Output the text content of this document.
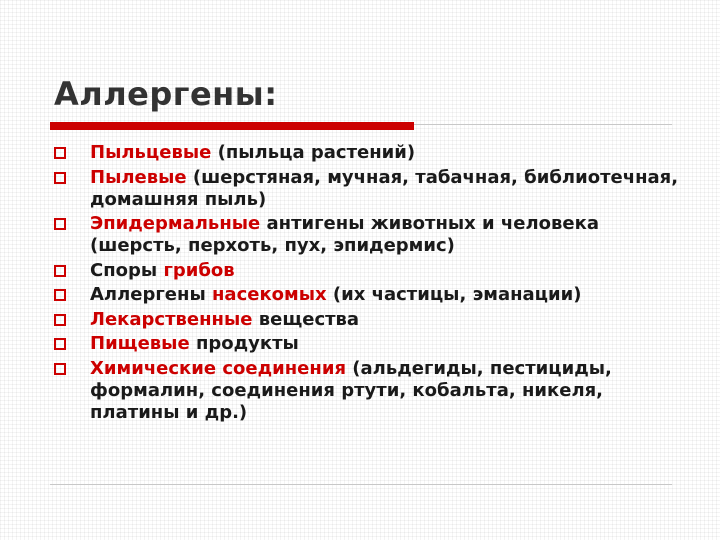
Аллергены:
Пыльцевые (пыльца растений)
Пылевые (шерстяная, мучная, табачная, библиотечная, домашняя пыль)
Эпидермальные антигены животных и человека (шерсть, перхоть, пух, эпидермис)
Споры грибов
Аллергены насекомых (их частицы, эманации)
Лекарственные вещества
Пищевые продукты
Химические соединения (альдегиды, пестициды, формалин, соединения ртути, кобальта, никеля, платины и др.)
